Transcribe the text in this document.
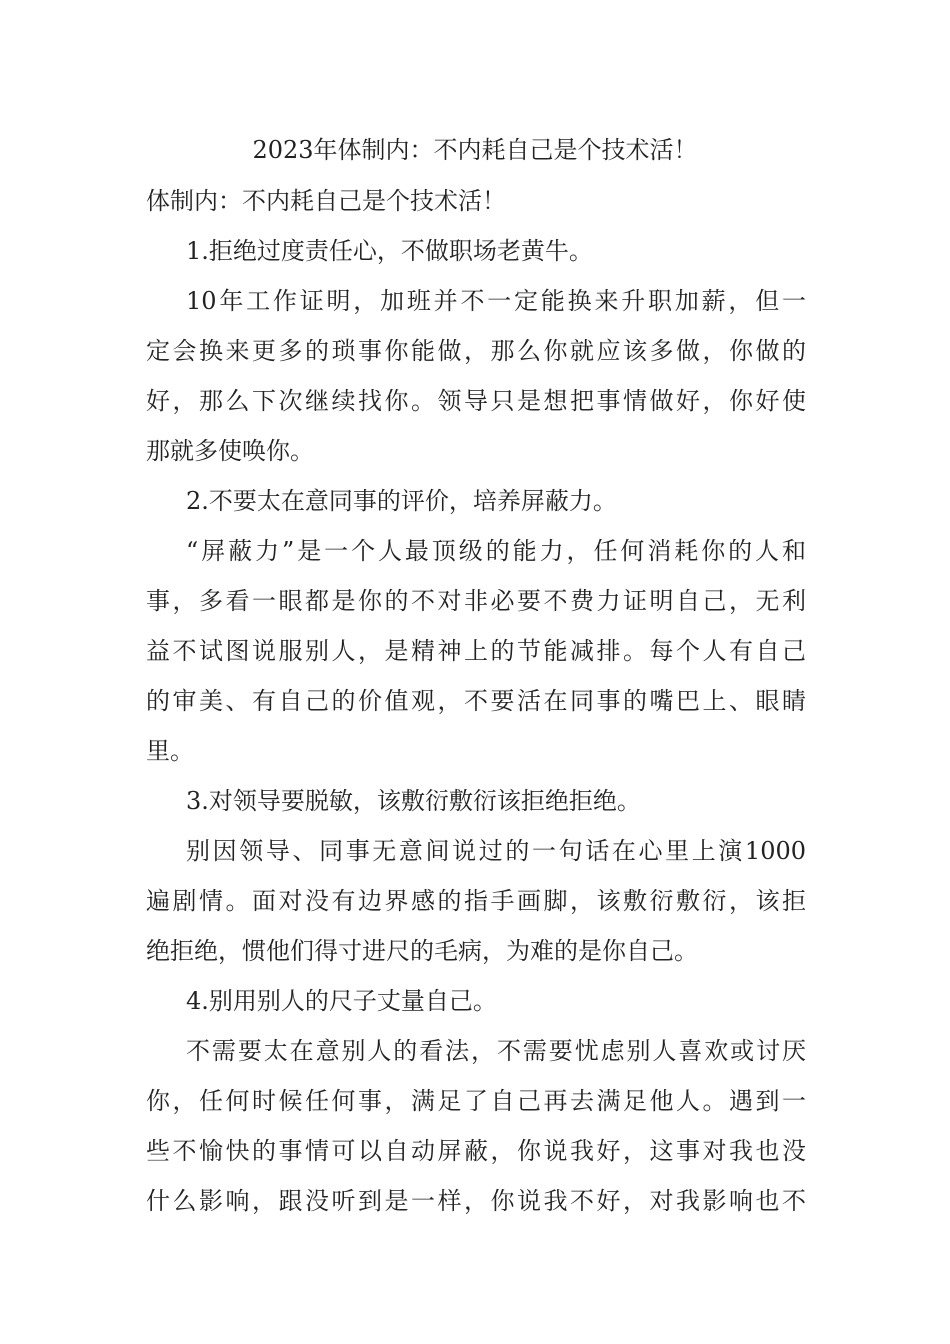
2023年体制内：不内耗自己是个技术活！

体制内：不内耗自己是个技术活！

1.拒绝过度责任心，不做职场老黄牛。

10年工作证明，加班并不一定能换来升职加薪，但一

定会换来更多的琐事你能做，那么你就应该多做，你做的

好，那么下次继续找你。领导只是想把事情做好，你好使

那就多使唤你。

2.不要太在意同事的评价，培养屏蔽力。

“屏蔽力”是一个人最顶级的能力，任何消耗你的人和

事，多看一眼都是你的不对非必要不费力证明自己，无利

益不试图说服别人，是精神上的节能减排。每个人有自己

的审美、有自己的价值观，不要活在同事的嘴巴上、眼睛

里。

3.对领导要脱敏，该敷衍敷衍该拒绝拒绝。

别因领导、同事无意间说过的一句话在心里上演1000

遍剧情。面对没有边界感的指手画脚，该敷衍敷衍，该拒

绝拒绝，惯他们得寸进尺的毛病，为难的是你自己。

4.别用别人的尺子丈量自己。

不需要太在意别人的看法，不需要忧虑别人喜欢或讨厌

你，任何时候任何事，满足了自己再去满足他人。遇到一

些不愉快的事情可以自动屏蔽，你说我好，这事对我也没

什么影响，跟没听到是一样，你说我不好，对我影响也不
